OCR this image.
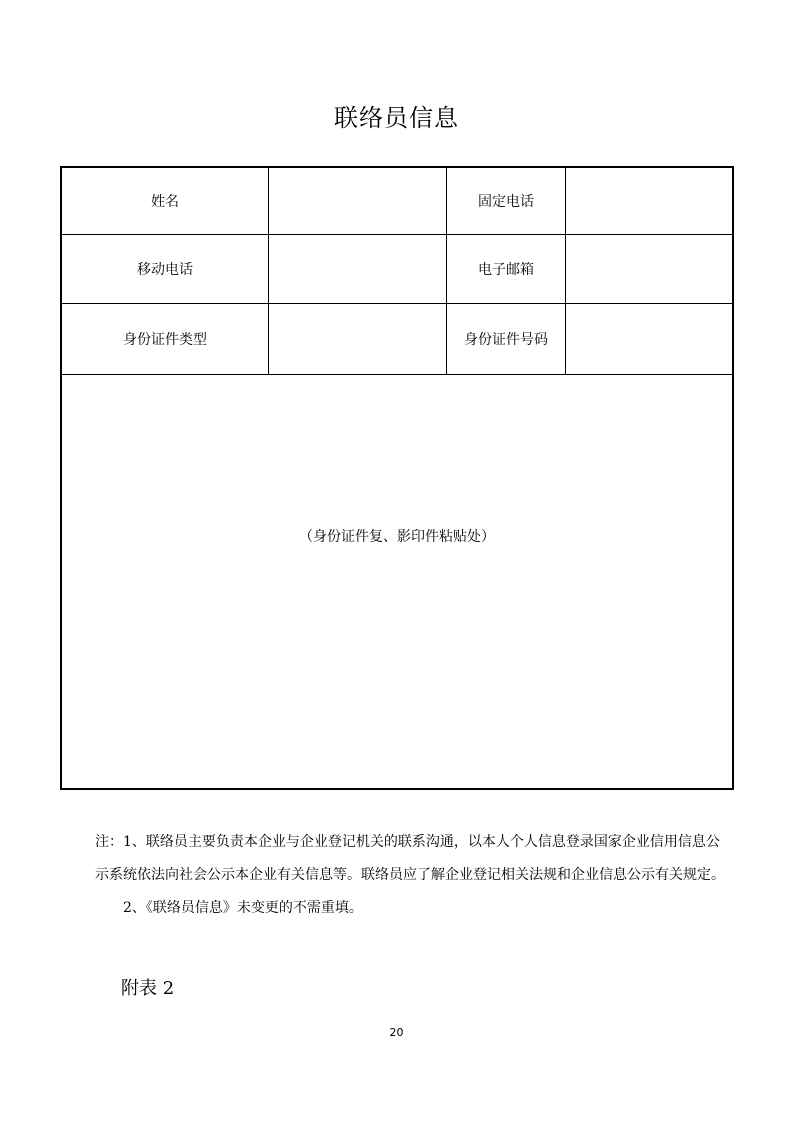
联络员信息
姓名	固定电话
移动电话	电子邮箱
身份证件类型	身份证件号码
（身份证件复、影印件粘贴处）
注：1、联络员主要负责本企业与企业登记机关的联系沟通，以本人个人信息登录国家企业信用信息公
示系统依法向社会公示本企业有关信息等。联络员应了解企业登记相关法规和企业信息公示有关规定。
2、《联络员信息》未变更的不需重填。
附表 2
20
